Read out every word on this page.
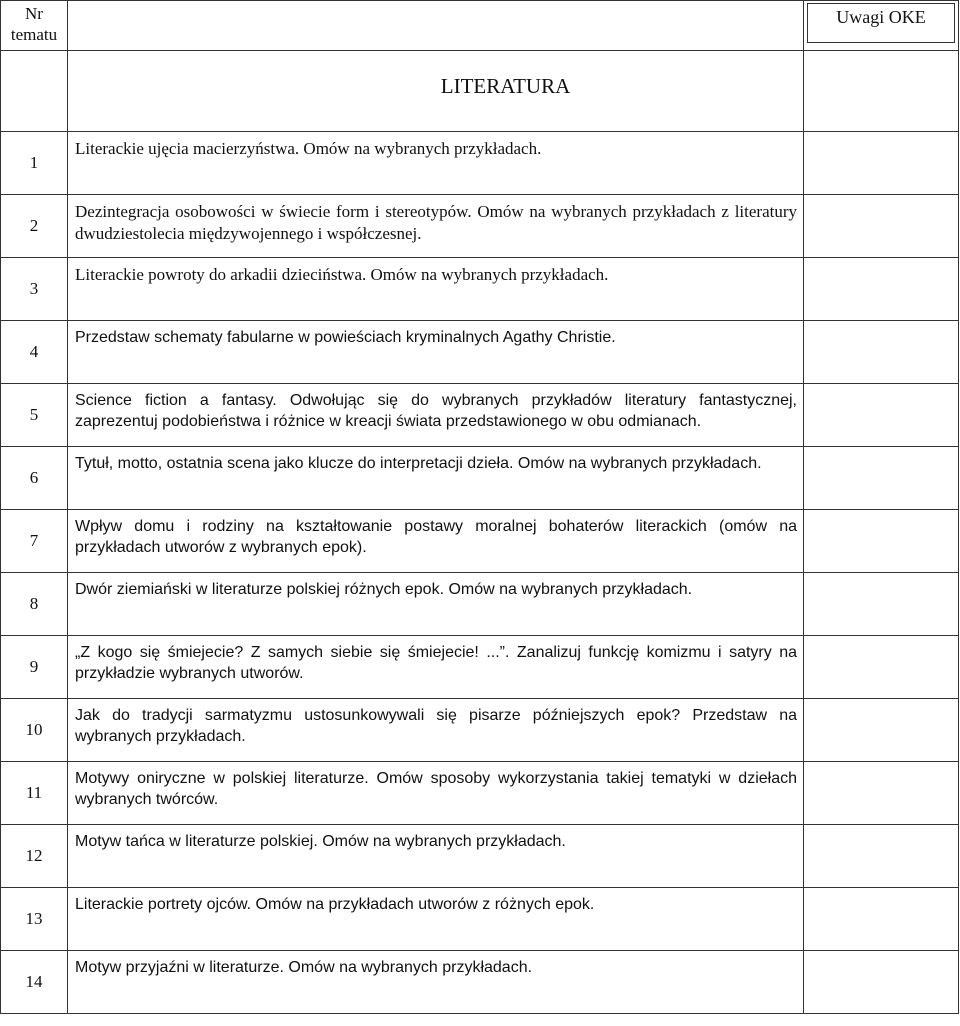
Nr tematu		Uwagi OKE

	LITERATURA	
1	Literackie ujęcia macierzyństwa. Omów na wybranych przykładach.	

2	Dezintegracja osobowości w świecie form i stereotypów. Omów na wybranych przykładach z literatury dwudziestolecia międzywojennego i współczesnej.	

3	Literackie powroty do arkadii dzieciństwa. Omów na wybranych przykładach.	

4	Przedstaw schematy fabularne w powieściach kryminalnych Agathy Christie.	

5	Science fiction a fantasy. Odwołując się do wybranych przykładów literatury fantastycznej, zaprezentuj podobieństwa i różnice w kreacji świata przedstawionego w obu odmianach.	

6	Tytuł, motto, ostatnia scena jako klucze do interpretacji dzieła. Omów na wybranych przykładach.	

7	Wpływ domu i rodziny na kształtowanie postawy moralnej bohaterów literackich (omów na przykładach utworów z wybranych epok).	

8	Dwór ziemiański w literaturze polskiej różnych epok. Omów na wybranych przykładach.	

9	„Z kogo się śmiejecie? Z samych siebie się śmiejecie! ...”. Zanalizuj funkcję komizmu i satyry na przykładzie wybranych utworów.	

10	Jak do tradycji sarmatyzmu ustosunkowywali się pisarze późniejszych epok? Przedstaw na wybranych przykładach.	

11	Motywy oniryczne w polskiej literaturze. Omów sposoby wykorzystania takiej tematyki w dziełach wybranych twórców.	

12	Motyw tańca w literaturze polskiej. Omów na wybranych przykładach.	

13	Literackie portrety ojców. Omów na przykładach utworów z różnych epok.	

14	Motyw przyjaźni w literaturze. Omów na wybranych przykładach.	
